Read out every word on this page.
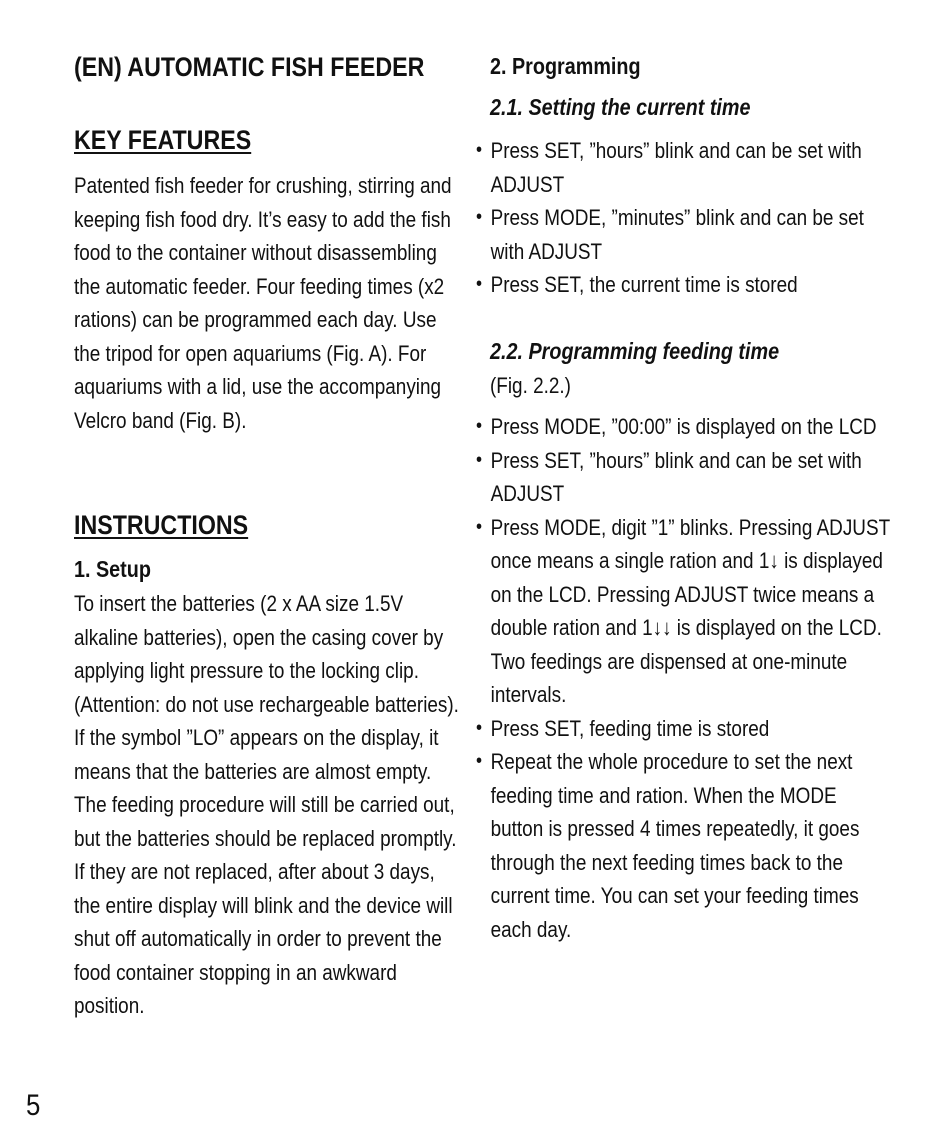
(EN) AUTOMATIC FISH FEEDER
KEY FEATURES

Patented fish feeder for crushing, stirring and keeping fish food dry. It’s easy to add the fish food to the container without disassembling the automatic feeder. Four feeding times (x2 rations) can be programmed each day. Use the tripod for open aquariums (Fig. A). For aquariums with a lid, use the accompanying Velcro band (Fig. B).

INSTRUCTIONS
1. Setup

To insert the batteries (2 x AA size 1.5V alkaline batteries), open the casing cover by applying light pressure to the locking clip. (Attention: do not use rechargeable batteries). If the symbol ”LO” appears on the display, it means that the batteries are almost empty. The feeding procedure will still be carried out, but the batteries should be replaced promptly. If they are not replaced, after about 3 days, the entire display will blink and the device will shut off automatically in order to prevent the food container stopping in an awkward position.

2. Programming
2.1. Setting the current time
• Press SET, ”hours” blink and can be set with ADJUST
• Press MODE, ”minutes” blink and can be set with ADJUST
• Press SET, the current time is stored
2.2. Programming feeding time
(Fig. 2.2.)
• Press MODE, ”00:00” is displayed on the LCD
• Press SET, ”hours” blink and can be set with ADJUST
• Press MODE, digit ”1” blinks. Pressing ADJUST once means a single ration and 1↓ is displayed on the LCD. Pressing ADJUST twice means a double ration and 1↓↓ is displayed on the LCD. Two feedings are dispensed at one-minute intervals.
• Press SET, feeding time is stored
• Repeat the whole procedure to set the next feeding time and ration. When the MODE button is pressed 4 times repeatedly, it goes through the next feeding times back to the current time. You can set your feeding times each day.
5
